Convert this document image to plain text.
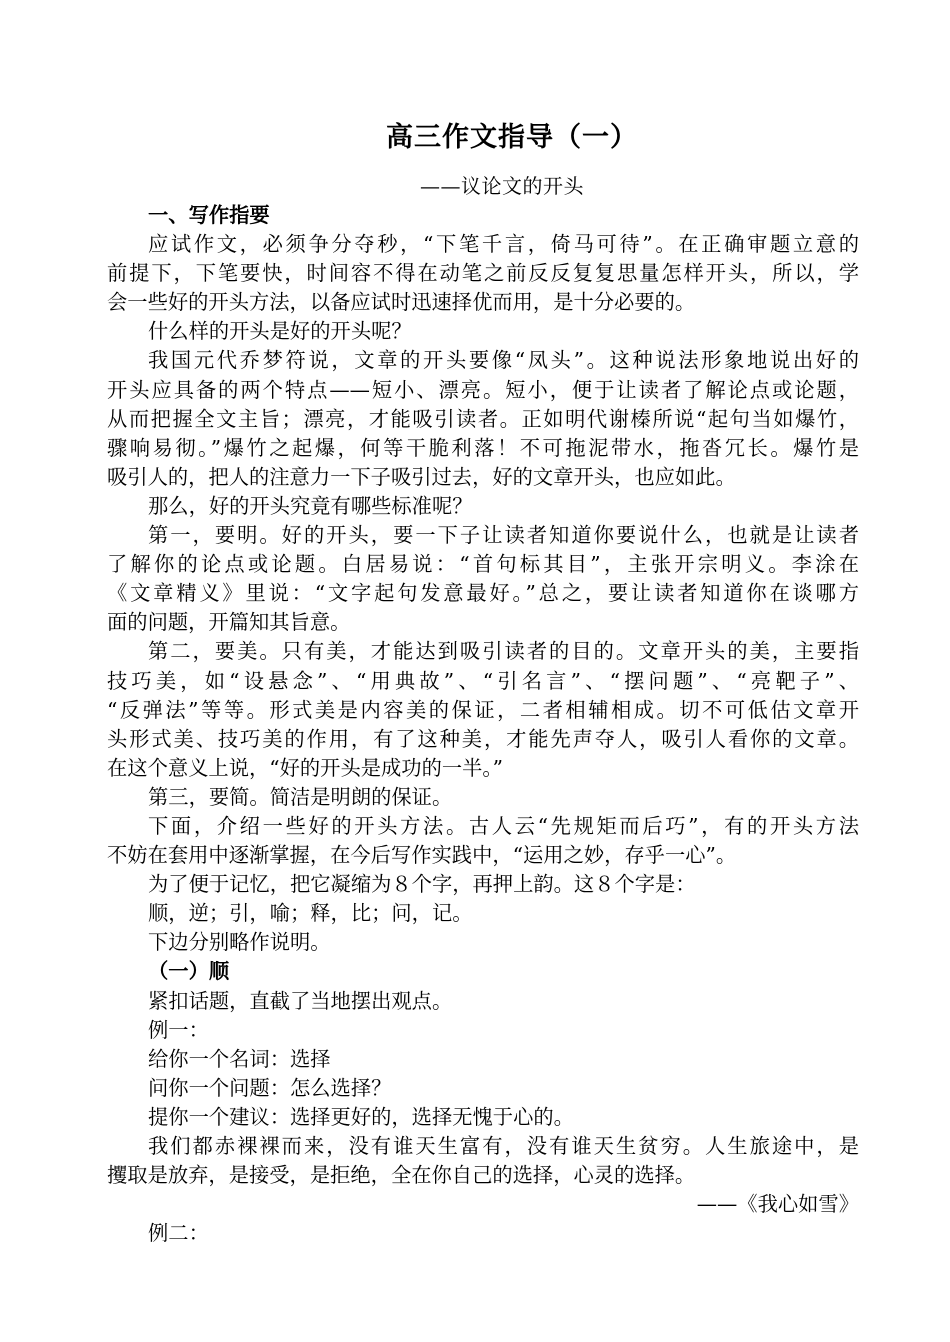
高三作文指导（一）
——议论文的开头
一、写作指要
应试作文，必须争分夺秒，“下笔千言，倚马可待”。在正确审题立意的
前提下，下笔要快，时间容不得在动笔之前反反复复思量怎样开头，所以，学
会一些好的开头方法，以备应试时迅速择优而用，是十分必要的。
什么样的开头是好的开头呢？
我国元代乔梦符说，文章的开头要像“凤头”。这种说法形象地说出好的
开头应具备的两个特点——短小、漂亮。短小，便于让读者了解论点或论题，
从而把握全文主旨；漂亮，才能吸引读者。正如明代谢榛所说“起句当如爆竹，
骤响易彻。”爆竹之起爆，何等干脆利落！不可拖泥带水，拖沓冗长。爆竹是
吸引人的，把人的注意力一下子吸引过去，好的文章开头，也应如此。
那么，好的开头究竟有哪些标准呢？
第一，要明。好的开头，要一下子让读者知道你要说什么，也就是让读者
了解你的论点或论题。白居易说：“首句标其目”，主张开宗明义。李涂在
《文章精义》里说：“文字起句发意最好。”总之，要让读者知道你在谈哪方
面的问题，开篇知其旨意。
第二，要美。只有美，才能达到吸引读者的目的。文章开头的美，主要指
技巧美，如“设悬念”、“用典故”、“引名言”、“摆问题”、“亮靶子”、
“反弹法”等等。形式美是内容美的保证，二者相辅相成。切不可低估文章开
头形式美、技巧美的作用，有了这种美，才能先声夺人，吸引人看你的文章。
在这个意义上说，“好的开头是成功的一半。”
第三，要简。简洁是明朗的保证。
下面，介绍一些好的开头方法。古人云“先规矩而后巧”，有的开头方法
不妨在套用中逐渐掌握，在今后写作实践中，“运用之妙，存乎一心”。
为了便于记忆，把它凝缩为８个字，再押上韵。这８个字是：
顺，逆；引，喻；释，比；问，记。
下边分别略作说明。
（一）顺
紧扣话题，直截了当地摆出观点。
例一：
给你一个名词：选择
问你一个问题：怎么选择？
提你一个建议：选择更好的，选择无愧于心的。
我们都赤裸裸而来，没有谁天生富有，没有谁天生贫穷。人生旅途中，是
攫取是放弃，是接受，是拒绝，全在你自己的选择，心灵的选择。
——《我心如雪》
例二：
